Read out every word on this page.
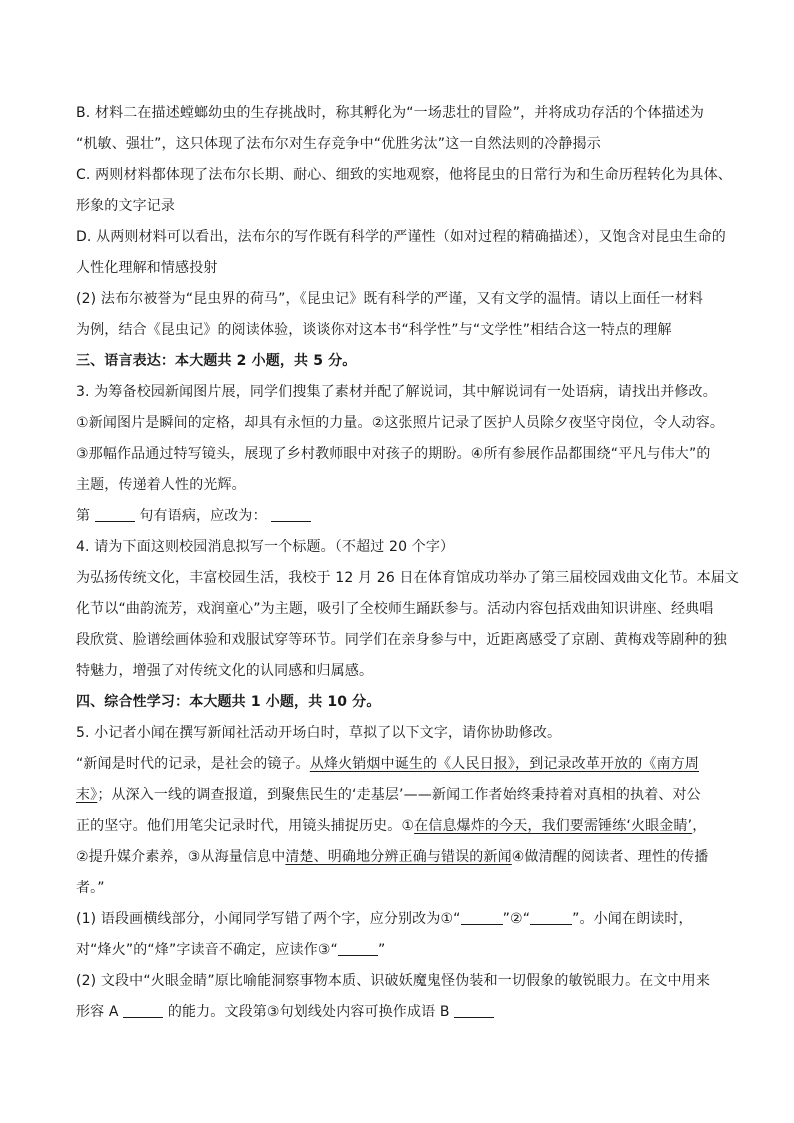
B. 材料二在描述螳螂幼虫的生存挑战时，称其孵化为“一场悲壮的冒险”，并将成功存活的个体描述为
“机敏、强壮”，这只体现了法布尔对生存竞争中“优胜劣汰”这一自然法则的冷静揭示
C. 两则材料都体现了法布尔长期、耐心、细致的实地观察，他将昆虫的日常行为和生命历程转化为具体、
形象的文字记录
D. 从两则材料可以看出，法布尔的写作既有科学的严谨性（如对过程的精确描述），又饱含对昆虫生命的
人性化理解和情感投射
(2) 法布尔被誉为“昆虫界的荷马”，《昆虫记》既有科学的严谨，又有文学的温情。请以上面任一材料
为例，结合《昆虫记》的阅读体验，谈谈你对这本书“科学性”与“文学性”相结合这一特点的理解
三、语言表达：本大题共 2 小题，共 5 分。
3. 为筹备校园新闻图片展，同学们搜集了素材并配了解说词，其中解说词有一处语病，请找出并修改。
①新闻图片是瞬间的定格，却具有永恒的力量。②这张照片记录了医护人员除夕夜坚守岗位，令人动容。
③那幅作品通过特写镜头，展现了乡村教师眼中对孩子的期盼。④所有参展作品都围绕“平凡与伟大”的
主题，传递着人性的光辉。
第	句有语病，应改为：
4. 请为下面这则校园消息拟写一个标题。（不超过 20 个字）
为弘扬传统文化，丰富校园生活，我校于 12 月 26 日在体育馆成功举办了第三届校园戏曲文化节。本届文
化节以“曲韵流芳，戏润童心”为主题，吸引了全校师生踊跃参与。活动内容包括戏曲知识讲座、经典唱
段欣赏、脸谱绘画体验和戏服试穿等环节。同学们在亲身参与中，近距离感受了京剧、黄梅戏等剧种的独
特魅力，增强了对传统文化的认同感和归属感。
四、综合性学习：本大题共 1 小题，共 10 分。
5. 小记者小闻在撰写新闻社活动开场白时，草拟了以下文字，请你协助修改。
“新闻是时代的记录，是社会的镜子。从烽火销烟中诞生的《人民日报》，到记录改革开放的《南方周
末》；从深入一线的调查报道，到聚焦民生的‘走基层’——新闻工作者始终秉持着对真相的执着、对公
正的坚守。他们用笔尖记录时代，用镜头捕捉历史。①在信息爆炸的今天，我们要需锤练‘火眼金睛’，
②提升媒介素养，③从海量信息中清楚、明确地分辨正确与错误的新闻④做清醒的阅读者、理性的传播
者。”
(1) 语段画横线部分，小闻同学写错了两个字，应分别改为①“	”②“	”。小闻在朗读时，
对“烽火”的“烽”字读音不确定，应读作③“	”
(2) 文段中“火眼金睛”原比喻能洞察事物本质、识破妖魔鬼怪伪装和一切假象的敏锐眼力。在文中用来
形容 A	的能力。文段第③句划线处内容可换作成语 B
